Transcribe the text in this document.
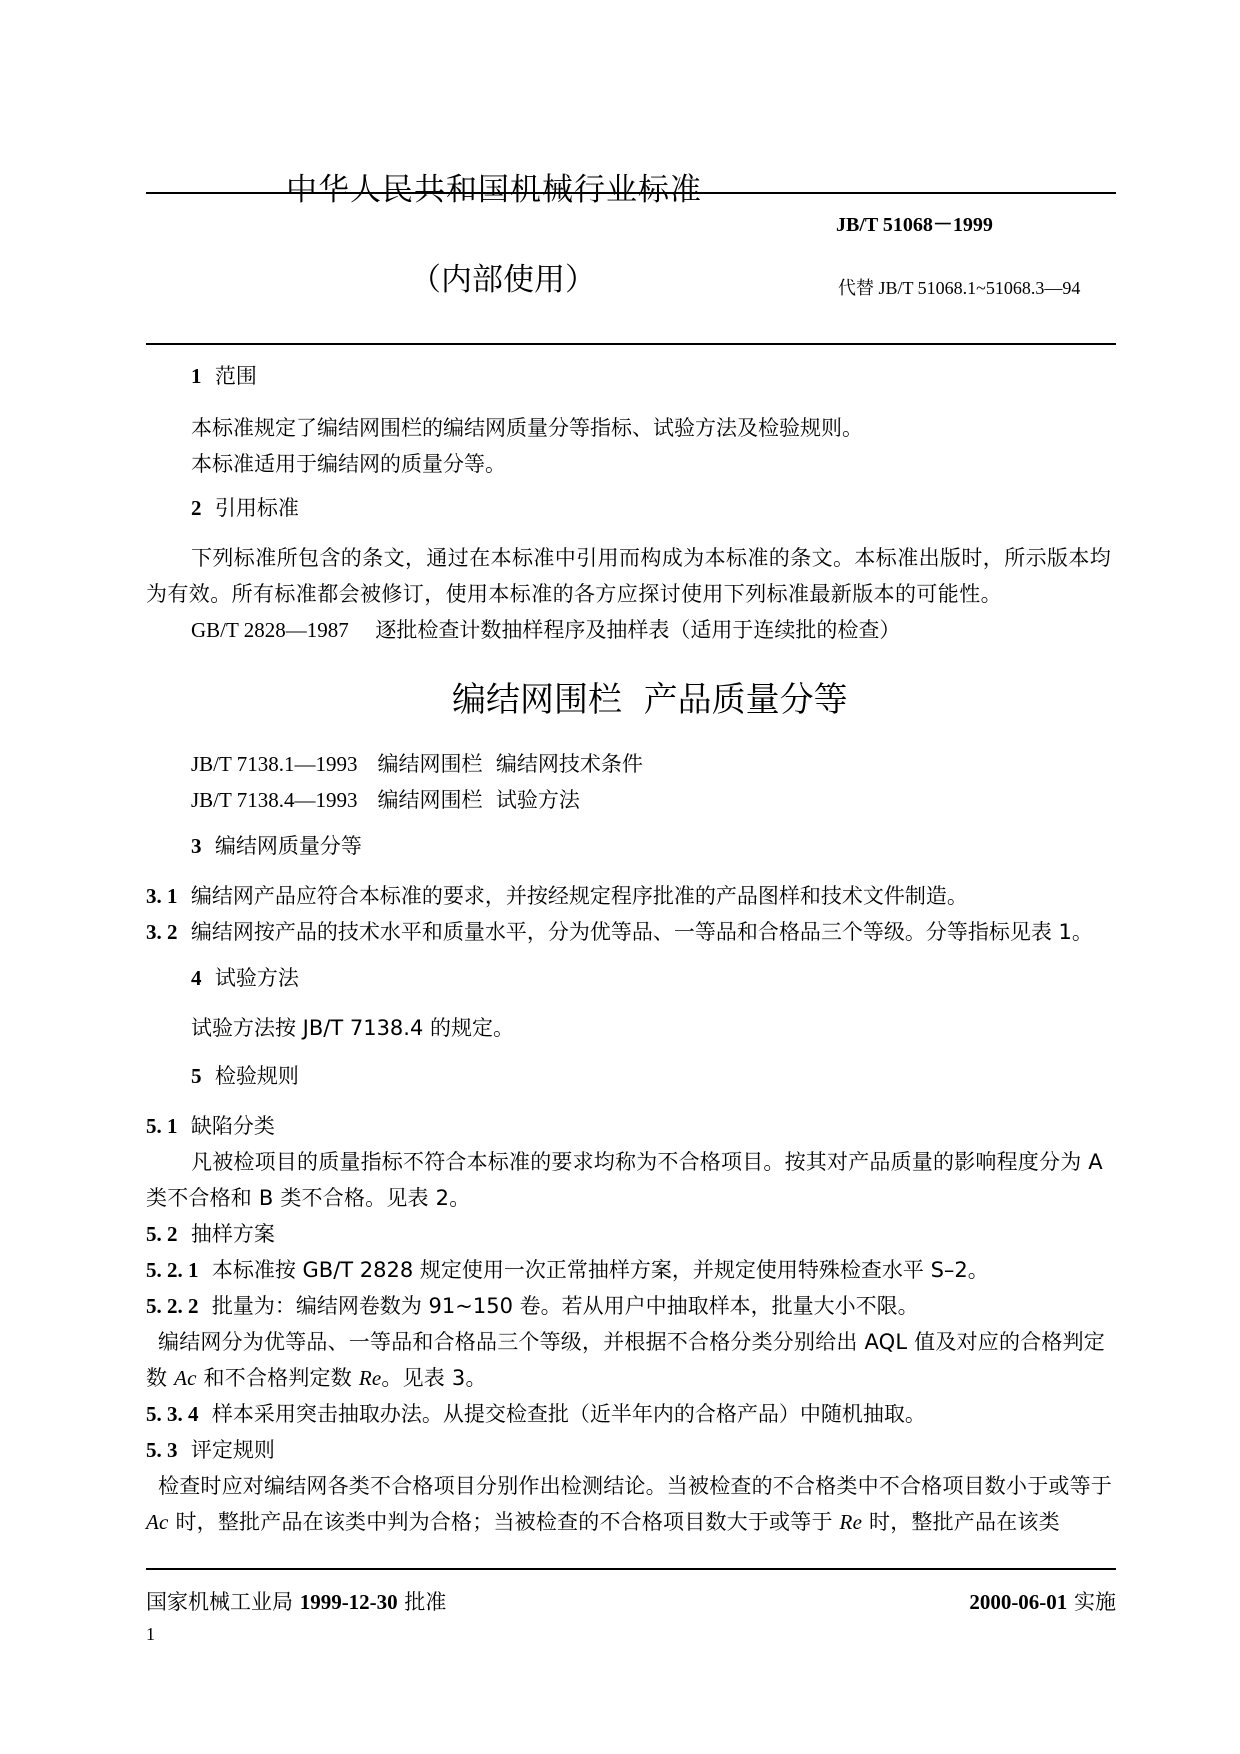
中华人民共和国机械行业标准
JB/T 51068－1999
（内部使用）	代替 JB/T 51068.1~51068.3—94
1 范围
本标准规定了编结网围栏的编结网质量分等指标、试验方法及检验规则。
本标准适用于编结网的质量分等。
2 引用标准
下列标准所包含的条文，通过在本标准中引用而构成为本标准的条文。本标准出版时，所示版本均为有效。所有标准都会被修订，使用本标准的各方应探讨使用下列标准最新版本的可能性。
GB/T 2828—1987 逐批检查计数抽样程序及抽样表（适用于连续批的检查）
编结网围栏  产品质量分等
JB/T 7138.1—1993 编结网围栏  编结网技术条件
JB/T 7138.4—1993 编结网围栏  试验方法
3 编结网质量分等
3. 1 编结网产品应符合本标准的要求，并按经规定程序批准的产品图样和技术文件制造。
3. 2 编结网按产品的技术水平和质量水平，分为优等品、一等品和合格品三个等级。分等指标见表 1。
4 试验方法
试验方法按 JB/T 7138.4 的规定。
5 检验规则
5. 1 缺陷分类
凡被检项目的质量指标不符合本标准的要求均称为不合格项目。按其对产品质量的影响程度分为 A 类不合格和 B 类不合格。见表 2。
5. 2 抽样方案
5. 2. 1 本标准按 GB/T 2828 规定使用一次正常抽样方案，并规定使用特殊检查水平 S–2。
5. 2. 2 批量为：编结网卷数为 91~150 卷。若从用户中抽取样本，批量大小不限。
编结网分为优等品、一等品和合格品三个等级，并根据不合格分类分别给出 AQL 值及对应的合格判定数 Ac 和不合格判定数 Re。见表 3。
5. 3. 4 样本采用突击抽取办法。从提交检查批（近半年内的合格产品）中随机抽取。
5. 3 评定规则
检查时应对编结网各类不合格项目分别作出检测结论。当被检查的不合格类中不合格项目数小于或等于 Ac 时，整批产品在该类中判为合格；当被检查的不合格项目数大于或等于 Re 时，整批产品在该类
国家机械工业局 1999-12-30 批准	2000-06-01 实施
1
